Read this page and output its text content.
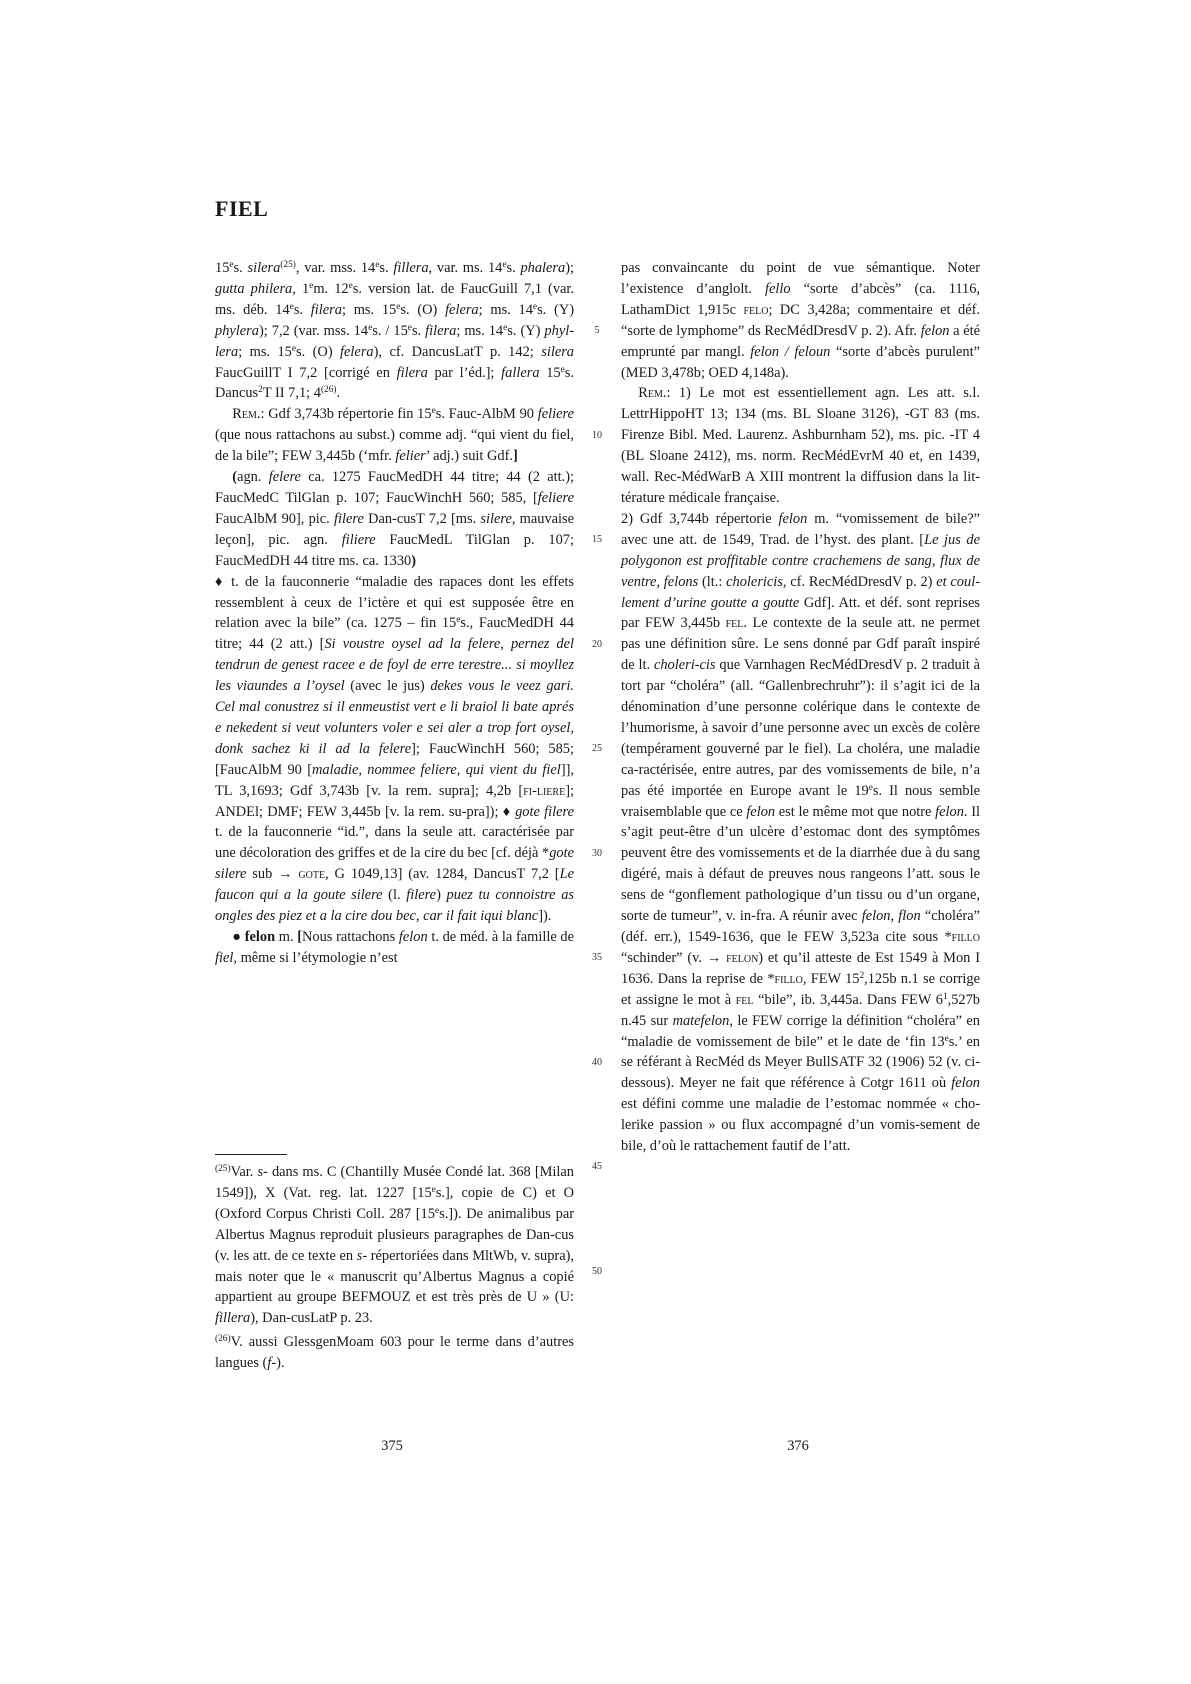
FIEL

15es. silera$^{(25)}$, var. mss. 14es. fillera, var. ms. 14es. phalera); gutta philera, 1em. 12es. version lat. de FaucGuill 7,1 (var. ms. déb. 14es. filera; ms. 15es. (O) felera; ms. 14es. (Y) phylera); 7,2 (var. mss. 14es. / 15es. filera; ms. 14es. (Y) phyl-lera; ms. 15es. (O) felera), cf. DancusLatT p. 142; silera FaucGuillT I 7,2 [corrigé en filera par l’éd.]; fallera 15es. Dancus$^2$T II 7,1; 4$^{(26)}$.

Rem.: Gdf 3,743b répertorie fin 15es. Fauc-AlbM 90 feliere (que nous rattachons au subst.) comme adj. “qui vient du fiel, de la bile”; FEW 3,445b (‘mfr. felier’ adj.) suit Gdf.]

(agn. felere ca. 1275 FaucMedDH 44 titre; 44 (2 att.); FaucMedC TilGlan p. 107; FaucWinchH 560; 585, [feliere FaucAlbM 90], pic. filere Dan-cusT 7,2 [ms. silere, mauvaise leçon], pic. agn. filiere FaucMedL TilGlan p. 107; FaucMedDH 44 titre ms. ca. 1330)

♦ t. de la fauconnerie “maladie des rapaces dont les effets ressemblent à ceux de l’ictère et qui est supposée être en relation avec la bile” (ca. 1275 – fin 15es., FaucMedDH 44 titre; 44 (2 att.) [Si voustre oysel ad la felere, pernez del tendrun de genest racee e de foyl de erre terestre... si moyllez les viaundes a l’oysel (avec le jus) dekes vous le veez gari. Cel mal conustrez si il enmeustist vert e li braiol li bate aprés e nekedent si veut volunters voler e sei aler a trop fort oysel, donk sachez ki il ad la felere]; FaucWinchH 560; 585; [FaucAlbM 90 [maladie, nommee feliere, qui vient du fiel]], TL 3,1693; Gdf 3,743b [v. la rem. supra]; 4,2b [fi-liere]; ANDEl; DMF; FEW 3,445b [v. la rem. su-pra]); ♦ gote filere t. de la fauconnerie “id.”, dans la seule att. caractérisée par une décoloration des griffes et de la cire du bec [cf. déjà *gote silere sub → gote, G 1049,13] (av. 1284, DancusT 7,2 [Le faucon qui a la goute silere (l. filere) puez tu connoistre as ongles des piez et a la cire dou bec, car il fait iqui blanc]).

● felon m. [Nous rattachons felon t. de méd. à la famille de fiel, même si l’étymologie n’est

5
10
15
20
25
30
35
40
45
50

pas convaincante du point de vue sémantique. Noter l’existence d’anglolt. fello “sorte d’abcès” (ca. 1116, LathamDict 1,915c felo; DC 3,428a; commentaire et déf. “sorte de lymphome” ds RecMédDresdV p. 2). Afr. felon a été emprunté par mangl. felon / feloun “sorte d’abcès purulent” (MED 3,478b; OED 4,148a).

Rem.: 1) Le mot est essentiellement agn. Les att. s.l. LettrHippoHT 13; 134 (ms. BL Sloane 3126), -GT 83 (ms. Firenze Bibl. Med. Laurenz. Ashburnham 52), ms. pic. -IT 4 (BL Sloane 2412), ms. norm. RecMédEvrM 40 et, en 1439, wall. Rec-MédWarB A XIII montrent la diffusion dans la lit-térature médicale française.

2) Gdf 3,744b répertorie felon m. “vomissement de bile?” avec une att. de 1549, Trad. de l’hyst. des plant. [Le jus de polygonon est proffitable contre crachemens de sang, flux de ventre, felons (lt.: cholericis, cf. RecMédDresdV p. 2) et coul-lement d’urine goutte a goutte Gdf]. Att. et déf. sont reprises par FEW 3,445b fel. Le contexte de la seule att. ne permet pas une définition sûre. Le sens donné par Gdf paraît inspiré de lt. choleri-cis que Varnhagen RecMédDresdV p. 2 traduit à tort par “choléra” (all. “Gallenbrechruhr”): il s’agit ici de la dénomination d’une personne colérique dans le contexte de l’humorisme, à savoir d’une personne avec un excès de colère (tempérament gouverné par le fiel). La choléra, une maladie ca-ractérisée, entre autres, par des vomissements de bile, n’a pas été importée en Europe avant le 19es. Il nous semble vraisemblable que ce felon est le même mot que notre felon. Il s’agit peut-être d’un ulcère d’estomac dont des symptômes peuvent être des vomissements et de la diarrhée due à du sang digéré, mais à défaut de preuves nous rangeons l’att. sous le sens de “gonflement pathologique d’un tissu ou d’un organe, sorte de tumeur”, v. in-fra. A réunir avec felon, flon “choléra” (déf. err.), 1549-1636, que le FEW 3,523a cite sous *fillo “schinder” (v. → felon) et qu’il atteste de Est 1549 à Mon I 1636. Dans la reprise de *fillo, FEW $15^2,125b$ n.1 se corrige et assigne le mot à fel “bile”, ib. 3,445a. Dans FEW $6^1,527b$ n.45 sur matefelon, le FEW corrige la définition “choléra” en “maladie de vomissement de bile” et le date de ‘fin 13es.’ en se référant à RecMéd ds Meyer BullSATF 32 (1906) 52 (v. ci-dessous). Meyer ne fait que référence à Cotgr 1611 où felon est défini comme une maladie de l’estomac nommée « cho-lerike passion » ou flux accompagné d’un vomis-sement de bile, d’où le rattachement fautif de l’att.

$^{(25)}$Var. s- dans ms. C (Chantilly Musée Condé lat. 368 [Milan 1549]), X (Vat. reg. lat. 1227 [15es.], copie de C) et O (Oxford Corpus Christi Coll. 287 [15es.]). De animalibus par Albertus Magnus reproduit plusieurs paragraphes de Dan-cus (v. les att. de ce texte en s- répertoriées dans MltWb, v. supra), mais noter que le « manuscrit qu’Albertus Magnus a copié appartient au groupe BEFMOUZ et est très près de U » (U: fillera), Dan-cusLatP p. 23.

$^{(26)}$V. aussi GlessgenMoam 603 pour le terme dans d’autres langues (f-).

375	376
